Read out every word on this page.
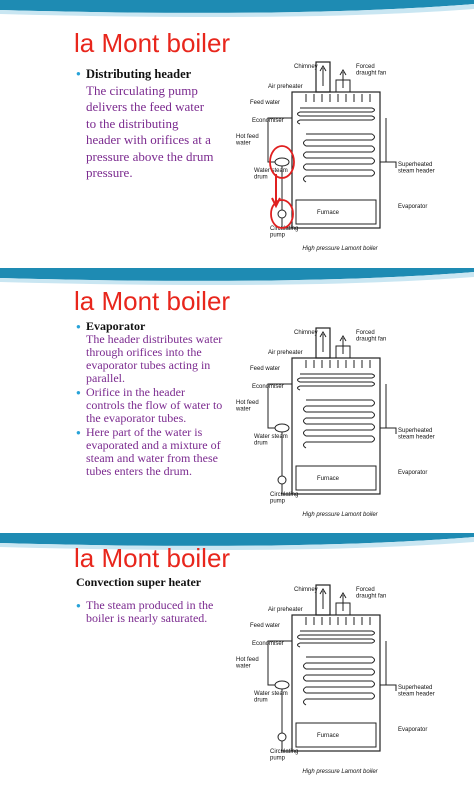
la Mont boiler
● Distributing header
The circulating pump
delivers the feed water
to the distributing
header with orifices at a
pressure above the drum
pressure.
Chimney	Forced draught fan
Air preheater
Feed water
Economiser
Hot feed water
Water steam drum
Circulating pump
Superheated steam header
Evaporator
Furnace
High pressure Lamont boiler
la Mont boiler
● Evaporator
The header distributes water
through orifices into the
evaporator tubes acting in
parallel.
● Orifice in the header
controls the flow of water to
the evaporator tubes.
● Here part of the water is
evaporated and a mixture of
steam and water from these
tubes enters the drum.
Chimney	Forced draught fan
Air preheater
Feed water
Economiser
Hot feed water
Water steam drum
Circulating pump
Superheated steam header
Evaporator
Furnace
High pressure Lamont boiler
la Mont boiler
Convection super heater
● The steam produced in the
boiler is nearly saturated.
Chimney	Forced draught fan
Air preheater
Feed water
Economiser
Hot feed water
Water steam drum
Circulating pump
Superheated steam header
Evaporator
Furnace
High pressure Lamont boiler
